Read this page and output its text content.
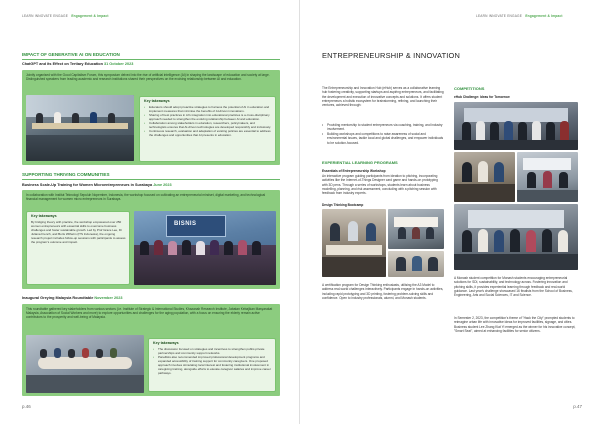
LEARN INNOVATE ENGAGE Engagement & Impact
IMPACT OF GENERATIVE AI ON EDUCATION
ChatGPT and its Effect on Tertiary Education 31 October 2023
Jointly organised with the Good Capitalism Forum, this symposium delved into the rise of artificial intelligence (AI) in shaping the landscape of education and society at large. Distinguished speakers from leading academic and research institutions shared their perspectives on the evolving relationship between AI and education.
Key takeaways
• Educators should adopt proactive strategies to harness the potential of AI in education and implement measures that minimise the benefits of AI-driven innovations.
• Sharing of best practices in AI's integration into educational practices is a cross-disciplinary approach needed to strengthen the evolving relationship between AI and education.
• Collaboration among stakeholders in education, researchers, policymakers, and technologists ensures that AI-driven technologies are developed responsibly and inclusively.
• Continuous research, evaluation and adaptation of existing policies are essential to address the challenges and opportunities that AI presents in education.
SUPPORTING THRIVING COMMUNITIES
Business Scale-Up Training for Women Microentrepreneurs in Surabaya June 2023
In collaboration with Institut Teknologi Sepuluh Nopember, Indonesia, the workshop focused on cultivating an entrepreneurial mindset, digital marketing, and technological financial management for women micro entrepreneurs in Surabaya.
Key takeaways
By bridging theory with practice, the workshop empowered over 250 women entrepreneurs with essential skills to overcome business challenges and foster sustainable growth. Led by Prof Grace Lee, Dr Juliana French, and Boris Wilhelm (ITS Indonesia), the ongoing research project includes follow-up sessions with participants to assess the program's outcome and impact.
BISNIS
Inaugural Greying Malaysia Roundtable November 2023
This roundtable gathered key stakeholders from various sectors (i.e. Institute of Strategic & International Studies, Khazanah Research Institute, Jabatan Kebajikan Masyarakat Malaysia, Association of Social Workers and more) to explore opportunities and challenges for the aging population, with a focus on ensuring the elderly remain active contributors to the prosperity and well-being of Malaysia.
Key takeaways
• The discussion focused on strategies and incentives to strengthen public-private partnerships and community support networks.
• Panellists also recommended improved professional development programs and expanded accessibility of training support for community caregivers. One proposed approach involves stimulating local interest and fostering institutional involvement in caregiving training, alongside efforts to elevate caregiver salaries and improve career pathways.
p.46
LEARN INNOVATE ENGAGE Engagement & Impact
ENTREPRENEURSHIP & INNOVATION
The Entrepreneurship and Innovation Hub (eHub) serves as a collaborative learning hub fostering creativity, supporting startups and aspiring entrepreneurs, and facilitating the development and execution of innovative concepts and solutions. It offers student entrepreneurs a holistic ecosystem for brainstorming, refining, and launching their ventures, achieved through:
• Providing mentorship to student entrepreneurs via coaching, training, and industry involvement.
• Building workshops and competitions to raise awareness of social and environmental issues, tackle local and global challenges, and empower individuals to be solution-focused.
EXPERIENTIAL LEARNING PROGRAMS
Essentials of Entrepreneurship Workshop
An interactive program guiding participants from ideation to pitching, incorporating activities like the Internet-of-Things Designer card game and hands-on prototyping with 3D pens. Through a series of workshops, students learn about business modelling, planning, and risk assessment, concluding with a pitching session with feedback from industry experts.
Design Thinking Bootcamp
A certification program for Design Thinking enthusiasts, utilising the A3 Model to address real-world challenges interactively. Participants engage in hands-on activities, including rapid prototyping and 3D printing, fostering problem-solving skills and confidence. Open to industry professionals, alumni, and Monash students.
COMPETITIONS
eHub Challenge: Ideas for Tomorrow
A Monash student competition for Monash students encouraging entrepreneurial solutions for SDI, sustainability, and technology across. Fostering innovation and pitching skills, it provides experiential learning through feedback and real-world guidance. Last year's challenge showcased 16 finalists from the School of Business, Engineering, Arts and Social Sciences, IT and Science.
In Semester 2, 2023, the competition's theme of "Hack the City" prompted students to reimagine urban life with innovative ideas for improved facilities, signage, and cities. Business student Lee Zhang Kiat Yi emerged as the winner for his innovative concept, "Smart Seat", aimed at enhancing facilities for senior citizens.
p.47
